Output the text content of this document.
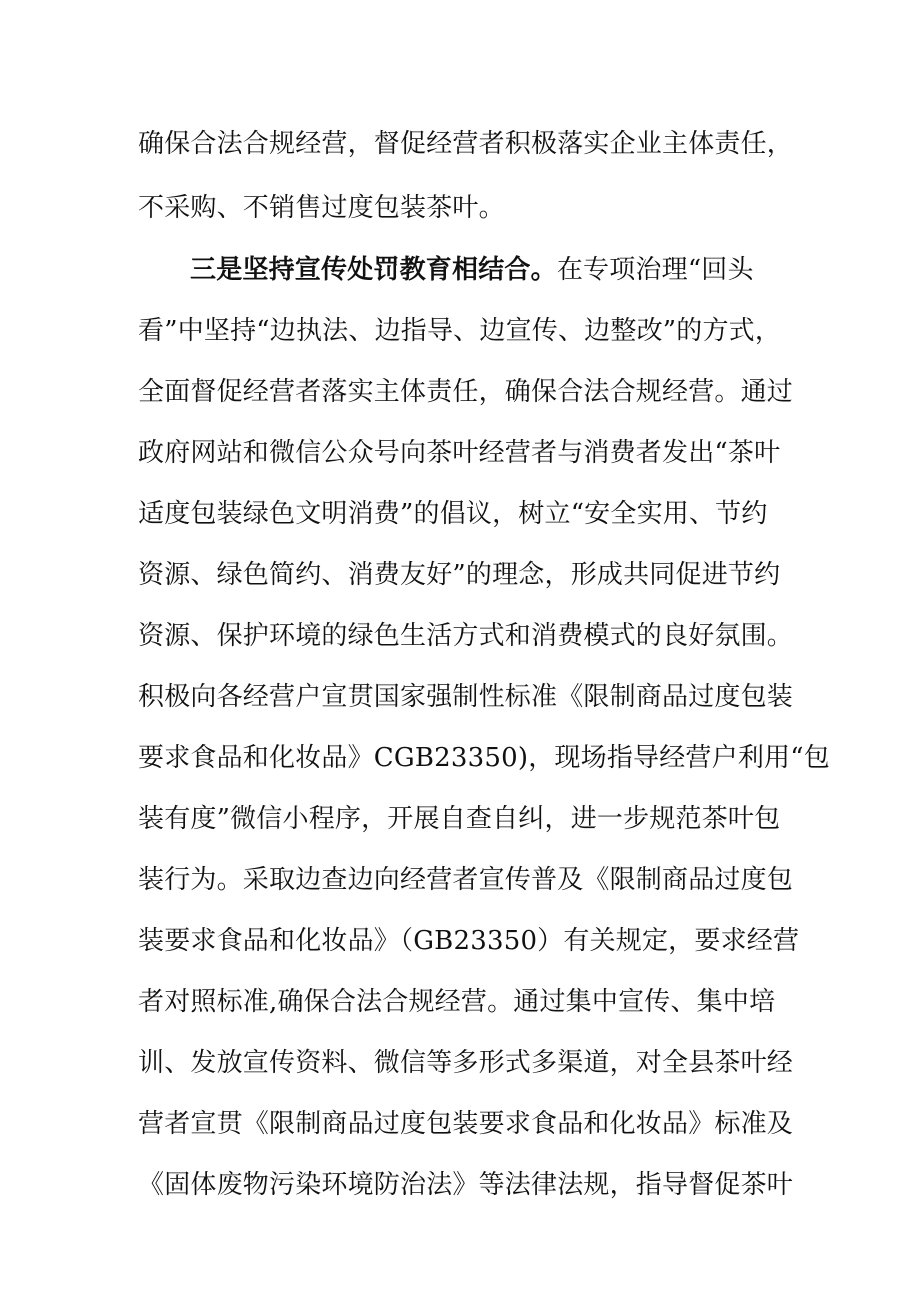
确保合法合规经营，督促经营者积极落实企业主体责任，
不采购、不销售过度包装茶叶。
三是坚持宣传处罚教育相结合。在专项治理“回头
看”中坚持“边执法、边指导、边宣传、边整改”的方式，
全面督促经营者落实主体责任，确保合法合规经营。通过
政府网站和微信公众号向茶叶经营者与消费者发出“茶叶
适度包装绿色文明消费”的倡议，树立“安全实用、节约
资源、绿色简约、消费友好”的理念，形成共同促进节约
资源、保护环境的绿色生活方式和消费模式的良好氛围。
积极向各经营户宣贯国家强制性标准《限制商品过度包装
要求食品和化妆品》CGB23350)，现场指导经营户利用“包
装有度”微信小程序，开展自查自纠，进一步规范茶叶包
装行为。采取边查边向经营者宣传普及《限制商品过度包
装要求食品和化妆品》（GB23350）有关规定，要求经营
者对照标准,确保合法合规经营。通过集中宣传、集中培
训、发放宣传资料、微信等多形式多渠道，对全县茶叶经
营者宣贯《限制商品过度包装要求食品和化妆品》标准及
《固体废物污染环境防治法》等法律法规，指导督促茶叶
